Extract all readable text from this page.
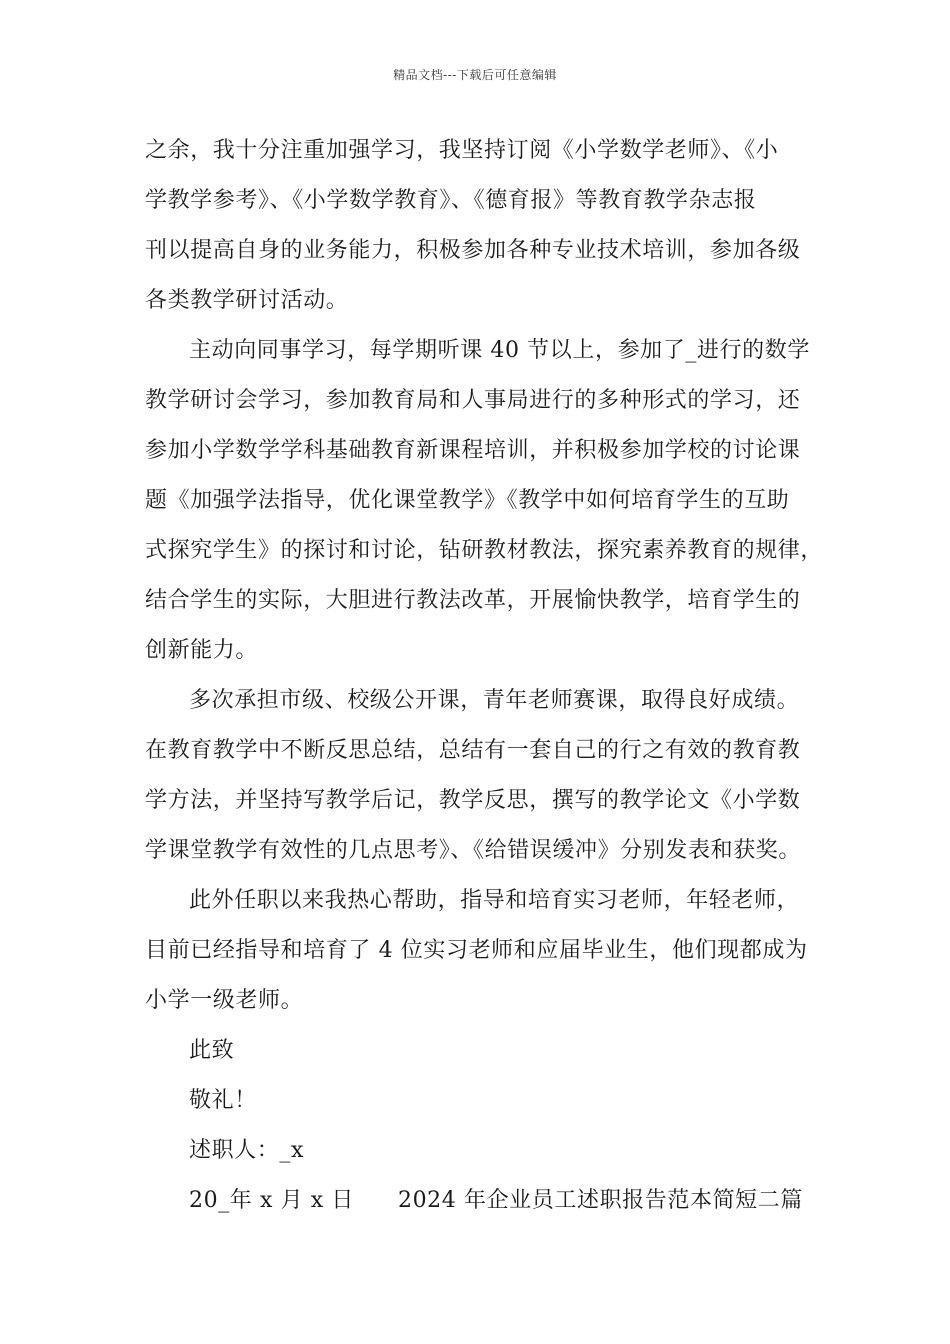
精品文档---下载后可任意编辑
之余，我十分注重加强学习，我坚持订阅《小学数学老师》、《小
学教学参考》、《小学数学教育》、《德育报》等教育教学杂志报
刊以提高自身的业务能力，积极参加各种专业技术培训，参加各级
各类教学研讨活动。
主动向同事学习，每学期听课 40 节以上，参加了_进行的数学
教学研讨会学习，参加教育局和人事局进行的多种形式的学习，还
参加小学数学学科基础教育新课程培训，并积极参加学校的讨论课
题《加强学法指导，优化课堂教学》《教学中如何培育学生的互助
式探究学生》的探讨和讨论，钻研教材教法，探究素养教育的规律，
结合学生的实际，大胆进行教法改革，开展愉快教学，培育学生的
创新能力。
多次承担市级、校级公开课，青年老师赛课，取得良好成绩。
在教育教学中不断反思总结，总结有一套自己的行之有效的教育教
学方法，并坚持写教学后记，教学反思，撰写的教学论文《小学数
学课堂教学有效性的几点思考》、《给错误缓冲》分别发表和获奖。
此外任职以来我热心帮助，指导和培育实习老师，年轻老师，
目前已经指导和培育了 4 位实习老师和应届毕业生，他们现都成为
小学一级老师。
此致
敬礼！
述职人：_x
20_年 x 月 x 日 2024 年企业员工述职报告范本简短二篇
